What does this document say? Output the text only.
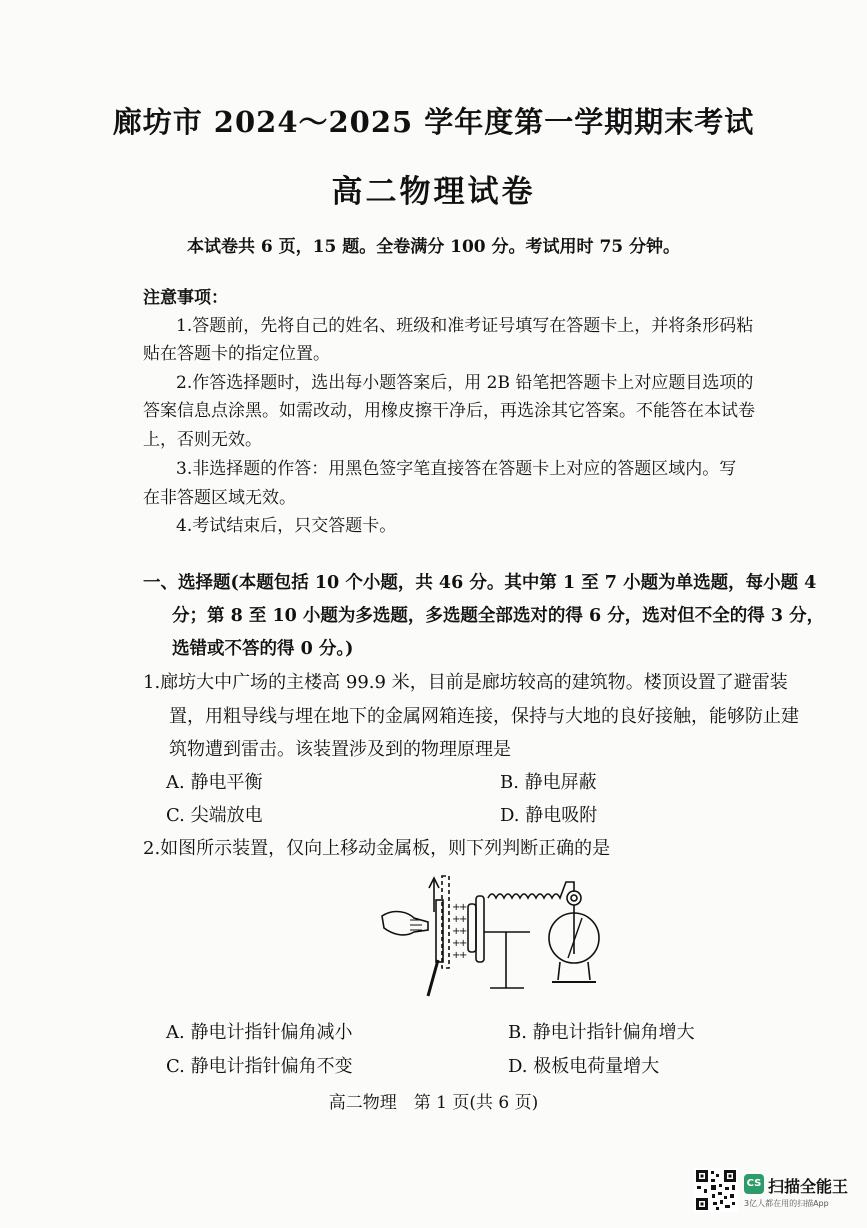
廊坊市 2024～2025 学年度第一学期期末考试
高二物理试卷
本试卷共 6 页，15 题。全卷满分 100 分。考试用时 75 分钟。
注意事项：
1.答题前，先将自己的姓名、班级和准考证号填写在答题卡上，并将条形码粘
贴在答题卡的指定位置。
2.作答选择题时，选出每小题答案后，用 2B 铅笔把答题卡上对应题目选项的
答案信息点涂黑。如需改动，用橡皮擦干净后，再选涂其它答案。不能答在本试卷
上，否则无效。
3.非选择题的作答：用黑色签字笔直接答在答题卡上对应的答题区域内。写
在非答题区域无效。
4.考试结束后，只交答题卡。
一、选择题(本题包括 10 个小题，共 46 分。其中第 1 至 7 小题为单选题，每小题 4
分；第 8 至 10 小题为多选题，多选题全部选对的得 6 分，选对但不全的得 3 分，
选错或不答的得 0 分。)
1.廊坊大中广场的主楼高 99.9 米，目前是廊坊较高的建筑物。楼顶设置了避雷装
置，用粗导线与埋在地下的金属网箱连接，保持与大地的良好接触，能够防止建
筑物遭到雷击。该装置涉及到的物理原理是
A. 静电平衡	B. 静电屏蔽
C. 尖端放电	D. 静电吸附
2.如图所示装置，仅向上移动金属板，则下列判断正确的是
+
+
+
+
+
+
+
+
+
+
A. 静电计指针偏角减小	B. 静电计指针偏角增大
C. 静电计指针偏角不变	D. 极板电荷量增大
高二物理　第 1 页(共 6 页)
CS 扫描全能王
3亿人都在用的扫描App
